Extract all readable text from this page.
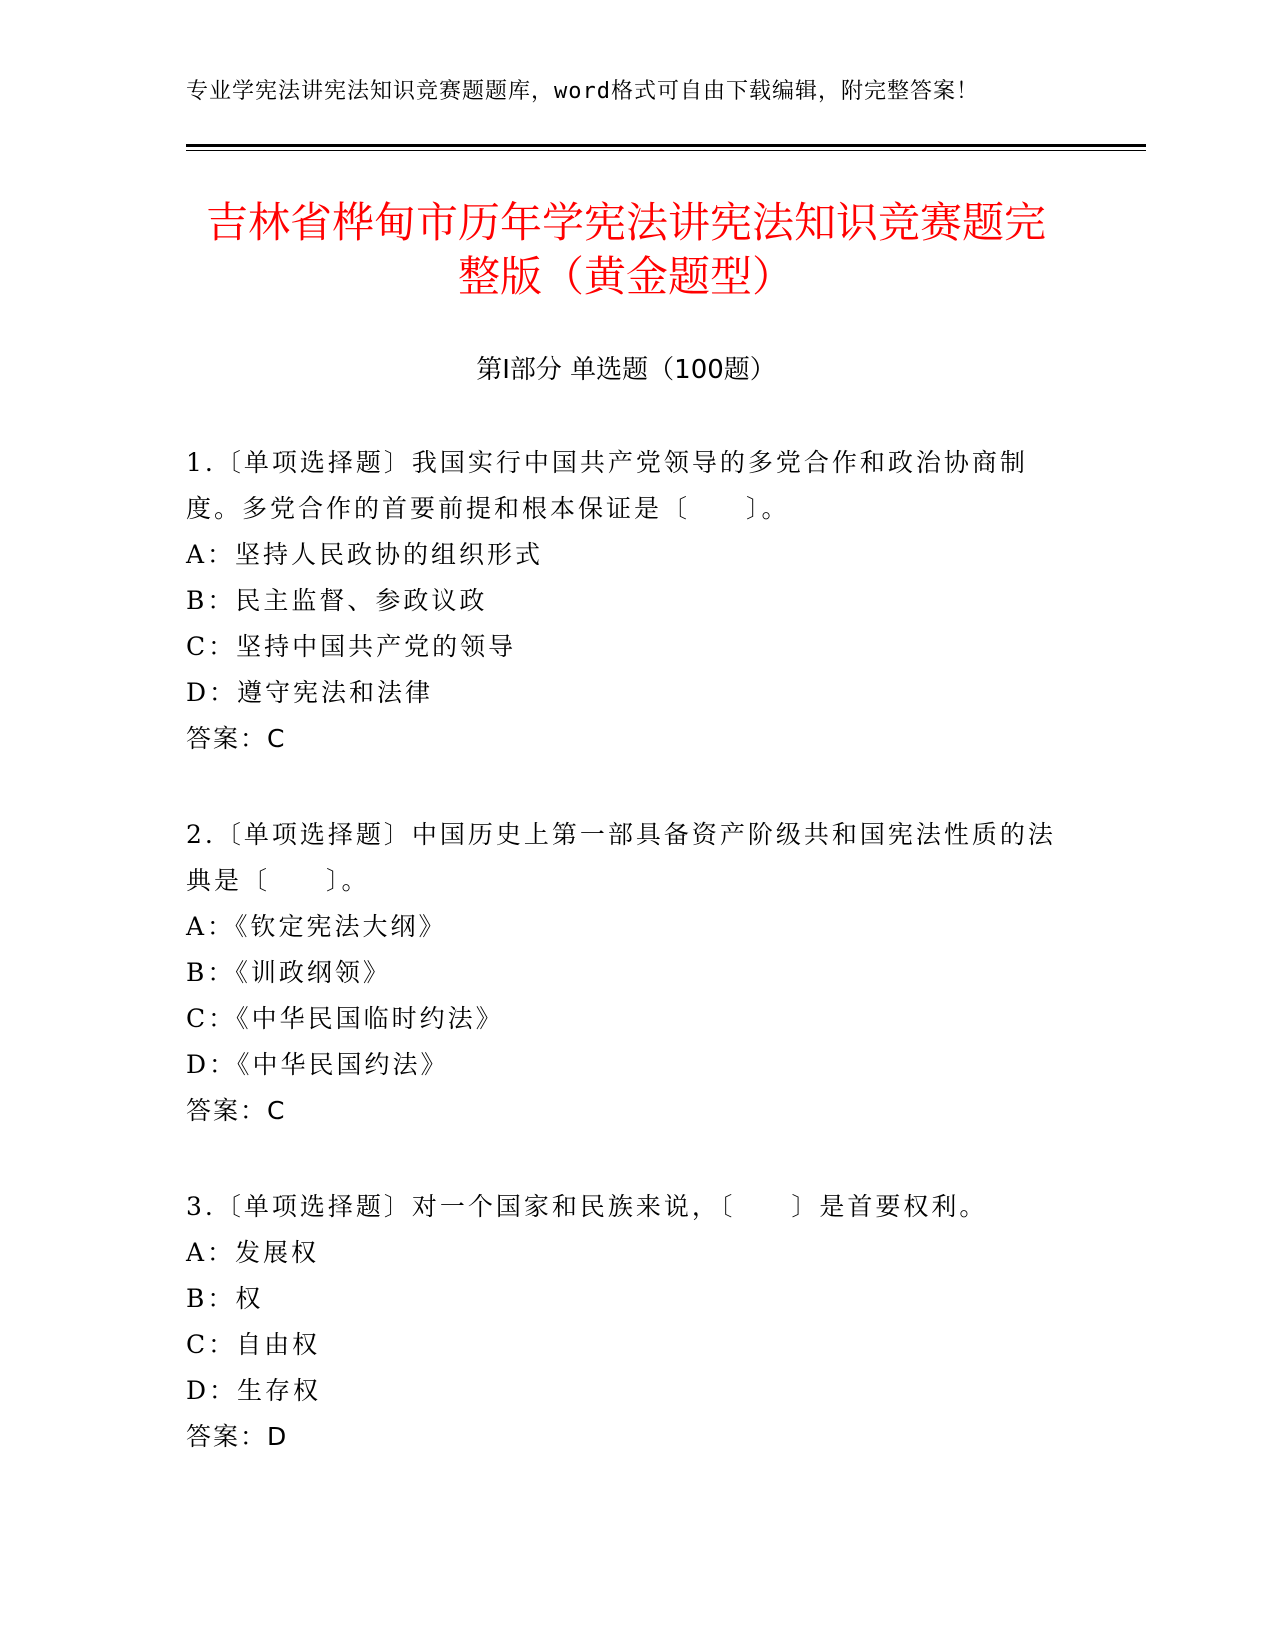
专业学宪法讲宪法知识竞赛题题库，word格式可自由下载编辑，附完整答案！
吉林省桦甸市历年学宪法讲宪法知识竞赛题完整版（黄金题型）
第Ⅰ部分 单选题（100题）
1.〔单项选择题〕我国实行中国共产党领导的多党合作和政治协商制度。多党合作的首要前提和根本保证是〔　　〕。
A：坚持人民政协的组织形式
B：民主监督、参政议政
C：坚持中国共产党的领导
D：遵守宪法和法律
答案：C
2.〔单项选择题〕中国历史上第一部具备资产阶级共和国宪法性质的法典是〔　　〕。
A：《钦定宪法大纲》
B：《训政纲领》
C：《中华民国临时约法》
D：《中华民国约法》
答案：C
3.〔单项选择题〕对一个国家和民族来说，〔　　〕是首要权利。
A：发展权
B：权
C：自由权
D：生存权
答案：D
